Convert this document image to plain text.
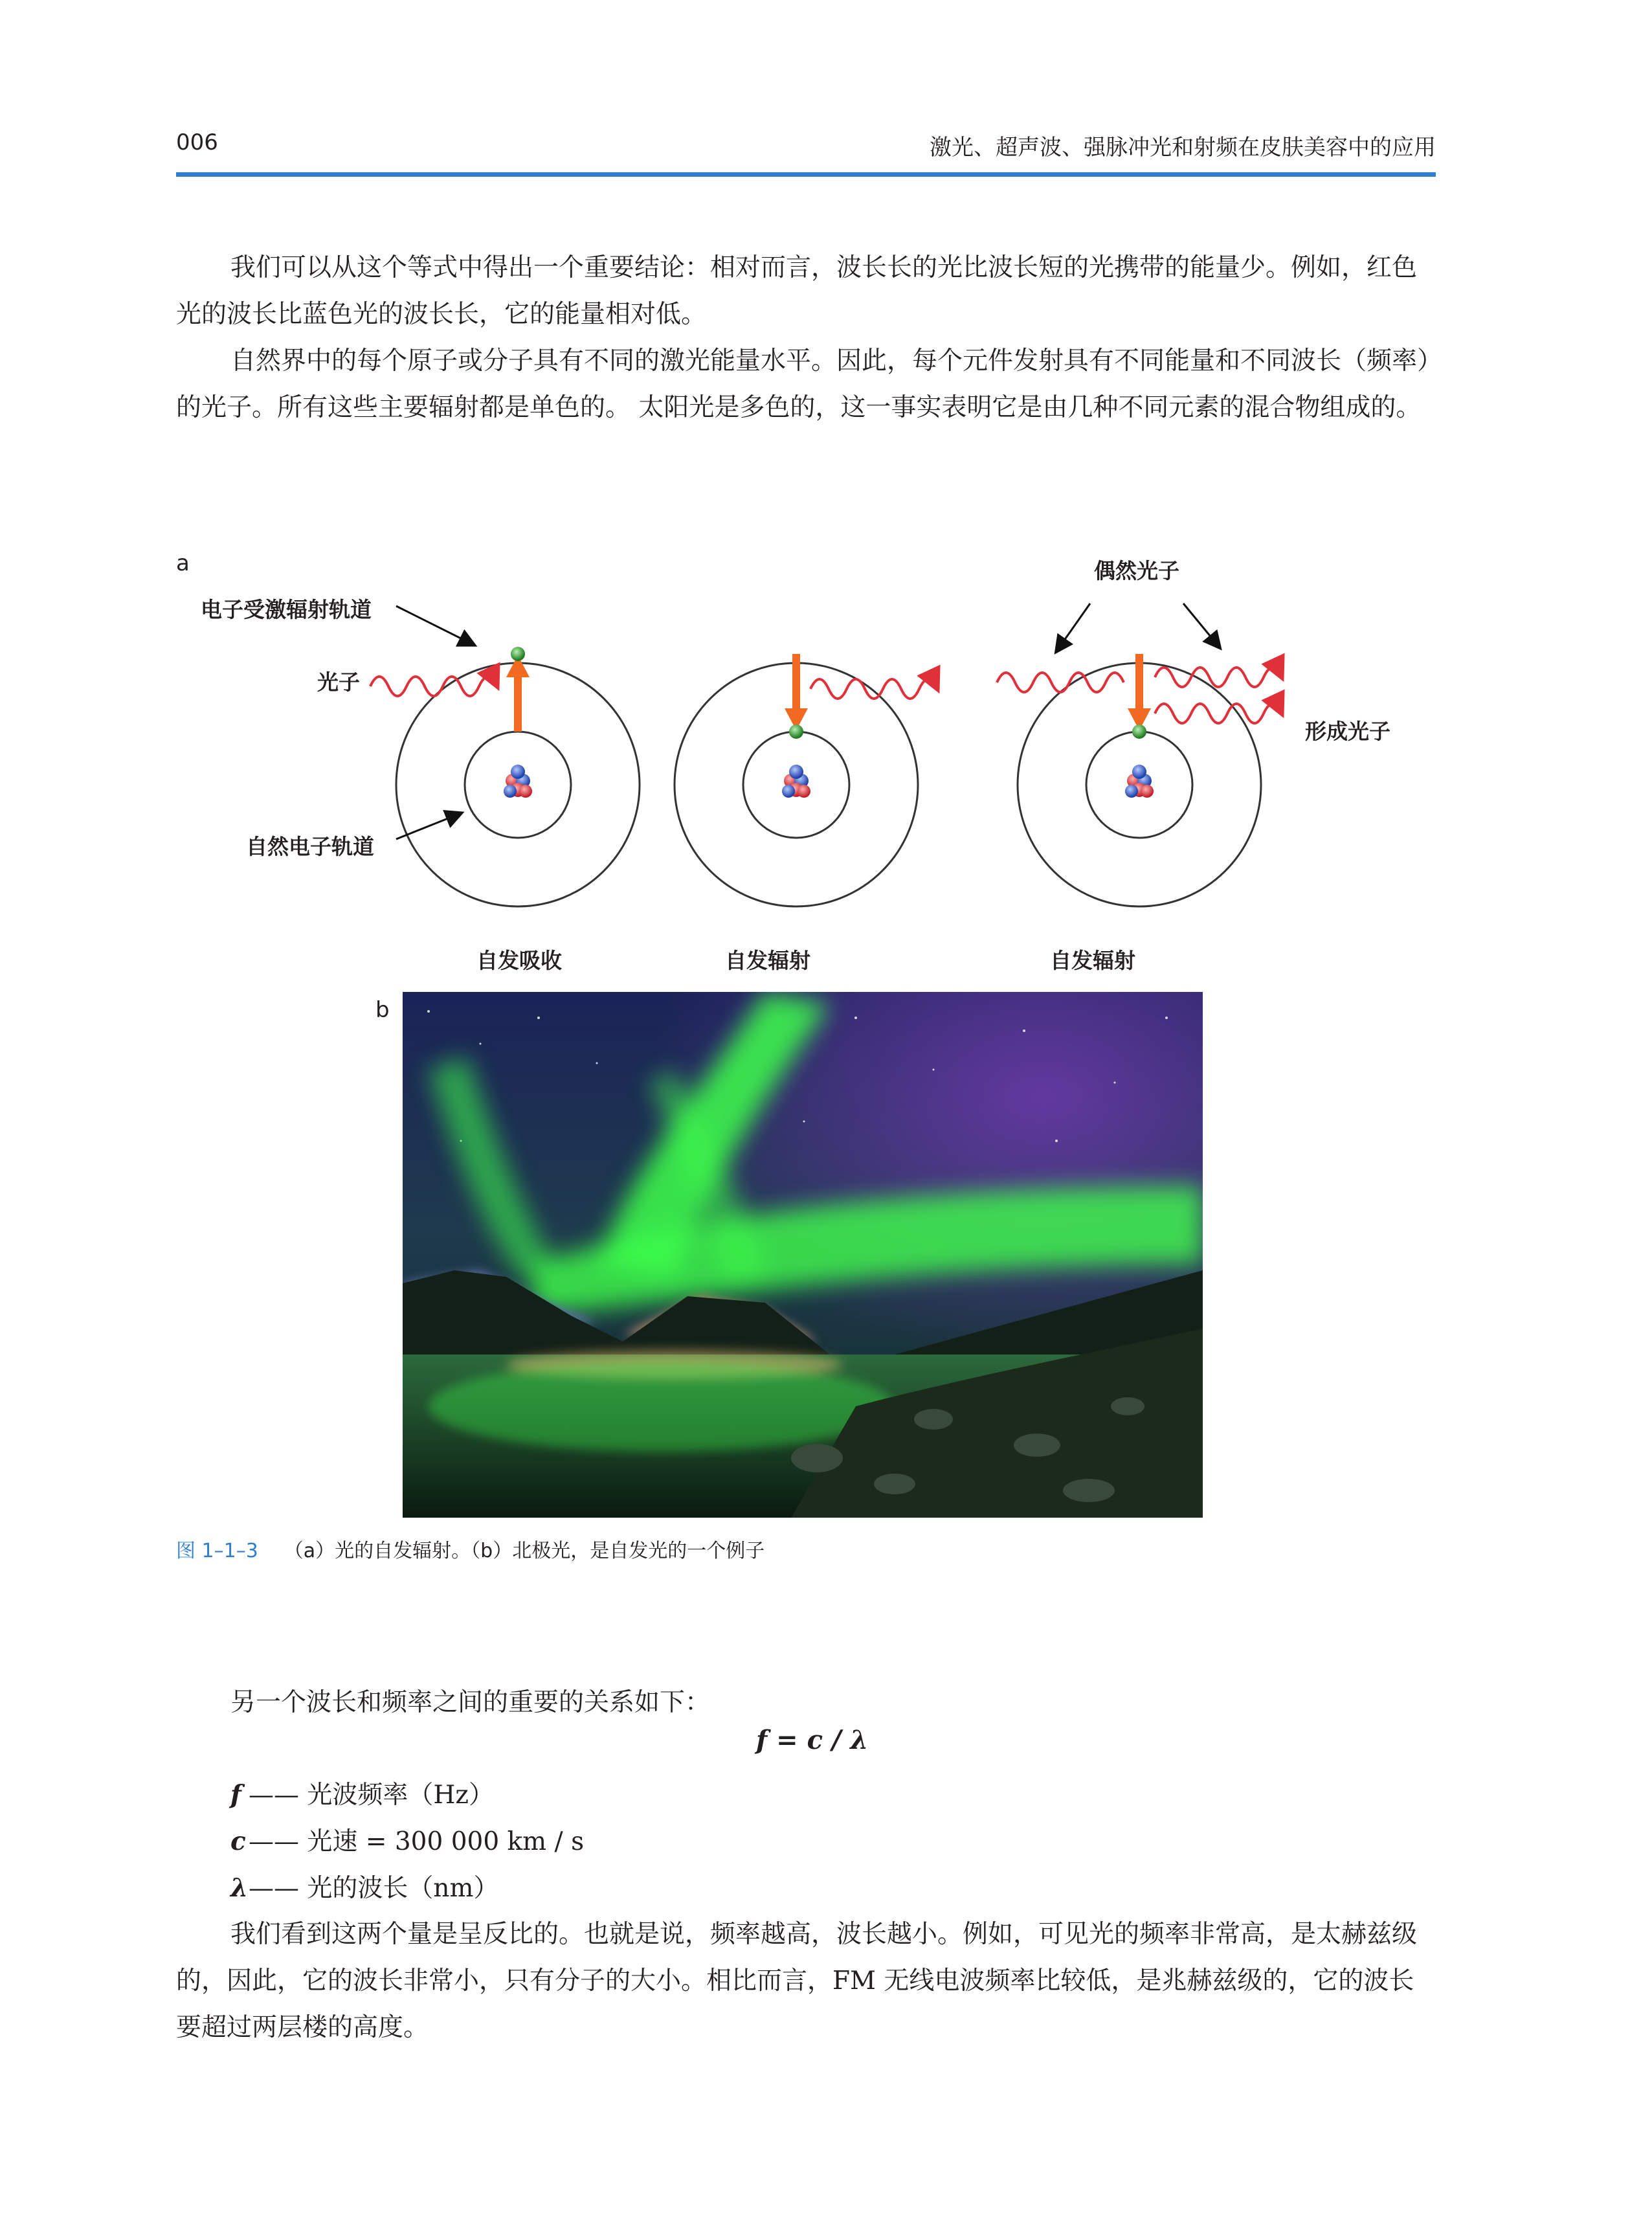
006	激光、超声波、强脉冲光和射频在皮肤美容中的应用

我们可以从这个等式中得出一个重要结论：相对而言，波长长的光比波长短的光携带的能量少。例如，红色光的波长比蓝色光的波长长，它的能量相对低。

自然界中的每个原子或分子具有不同的激光能量水平。因此，每个元件发射具有不同能量和不同波长（频率）的光子。所有这些主要辐射都是单色的。 太阳光是多色的，这一事实表明它是由几种不同元素的混合物组成的。

a
电子受激辐射轨道
光子
自然电子轨道
偶然光子
形成光子
自发吸收	自发辐射	自发辐射
b
图 1–1–3 （a）光的自发辐射。（b）北极光，是自发光的一个例子

另一个波长和频率之间的重要的关系如下：

f = c / λ
f —— 光波频率（Hz）
c —— 光速 = 300 000 km / s
λ—— 光的波长（nm）

我们看到这两个量是呈反比的。也就是说，频率越高，波长越小。例如，可见光的频率非常高，是太赫兹级的，因此，它的波长非常小，只有分子的大小。相比而言，FM 无线电波频率比较低，是兆赫兹级的，它的波长要超过两层楼的高度。
